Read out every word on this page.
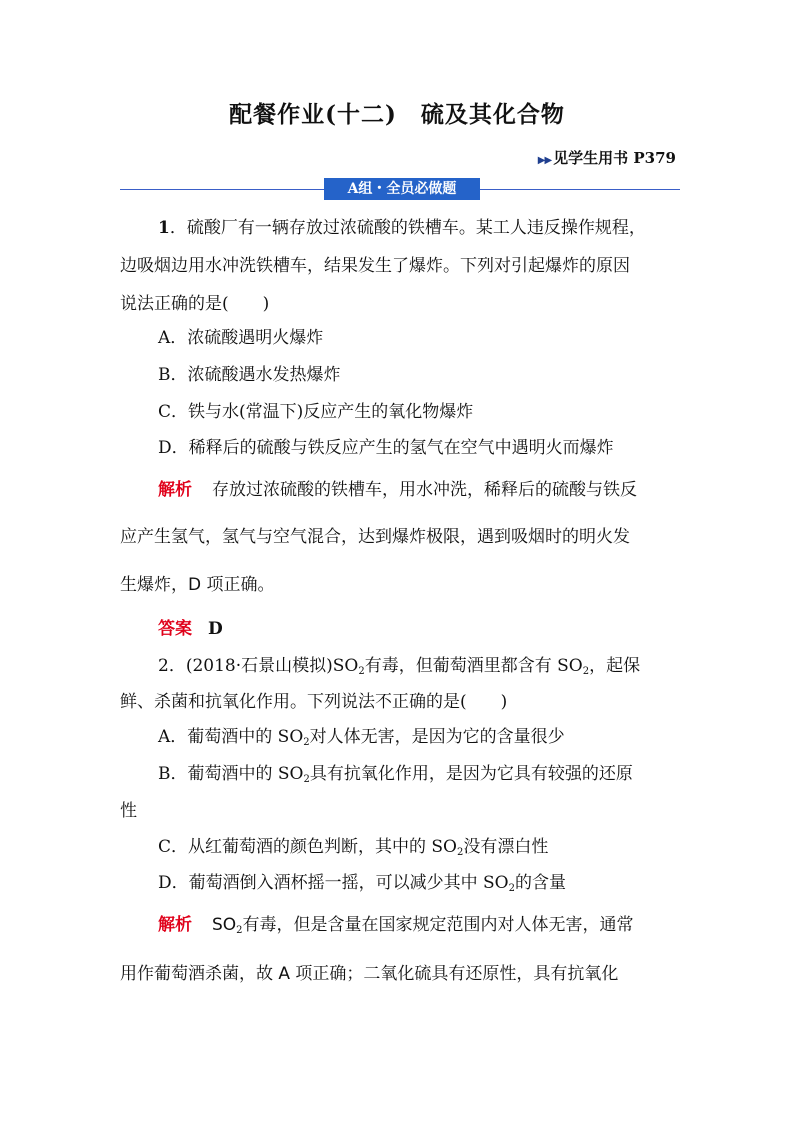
配餐作业(十二)　硫及其化合物
▶▶ 见学生用书 P379
A组・全员必做题
1．硫酸厂有一辆存放过浓硫酸的铁槽车。某工人违反操作规程，
边吸烟边用水冲洗铁槽车，结果发生了爆炸。下列对引起爆炸的原因
说法正确的是(　　)
A．浓硫酸遇明火爆炸
B．浓硫酸遇水发热爆炸
C．铁与水(常温下)反应产生的氧化物爆炸
D．稀释后的硫酸与铁反应产生的氢气在空气中遇明火而爆炸
解析 存放过浓硫酸的铁槽车，用水冲洗，稀释后的硫酸与铁反
应产生氢气，氢气与空气混合，达到爆炸极限，遇到吸烟时的明火发
生爆炸，D 项正确。
答案 D
2．(2018·石景山模拟)$SO_2$有毒，但葡萄酒里都含有 $SO_2$，起保
鲜、杀菌和抗氧化作用。下列说法不正确的是(　　)
A．葡萄酒中的 $SO_2$对人体无害，是因为它的含量很少
B．葡萄酒中的 $SO_2$具有抗氧化作用，是因为它具有较强的还原
性
C．从红葡萄酒的颜色判断，其中的 $SO_2$没有漂白性
D．葡萄酒倒入酒杯摇一摇，可以减少其中 $SO_2$的含量
解析 $SO_2$有毒，但是含量在国家规定范围内对人体无害，通常
用作葡萄酒杀菌，故 A 项正确；二氧化硫具有还原性，具有抗氧化
